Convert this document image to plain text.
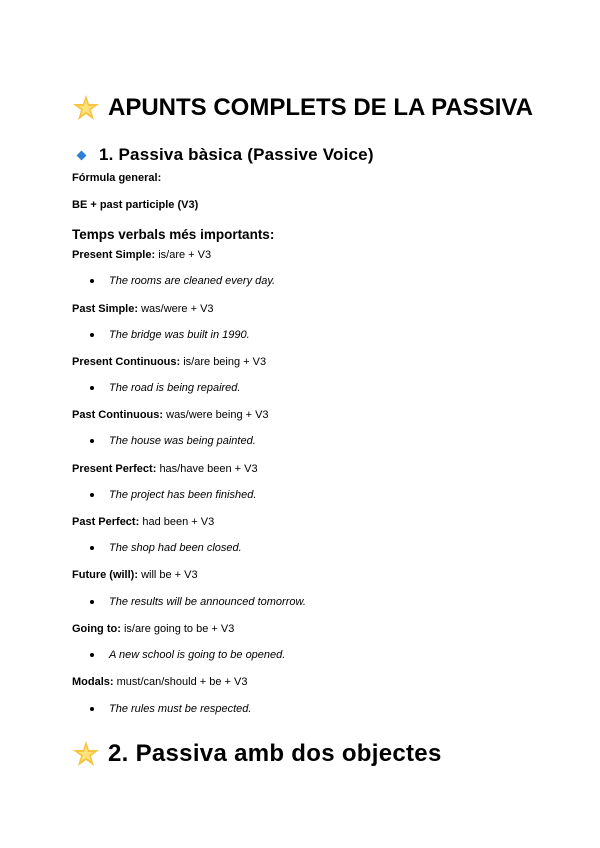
APUNTS COMPLETS DE LA PASSIVA
1. Passiva bàsica (Passive Voice)
Fórmula general:
BE + past participle (V3)
Temps verbals més importants:
Present Simple: is/are + V3
The rooms are cleaned every day.
Past Simple: was/were + V3
The bridge was built in 1990.
Present Continuous: is/are being + V3
The road is being repaired.
Past Continuous: was/were being + V3
The house was being painted.
Present Perfect: has/have been + V3
The project has been finished.
Past Perfect: had been + V3
The shop had been closed.
Future (will): will be + V3
The results will be announced tomorrow.
Going to: is/are going to be + V3
A new school is going to be opened.
Modals: must/can/should + be + V3
The rules must be respected.
2. Passiva amb dos objectes
